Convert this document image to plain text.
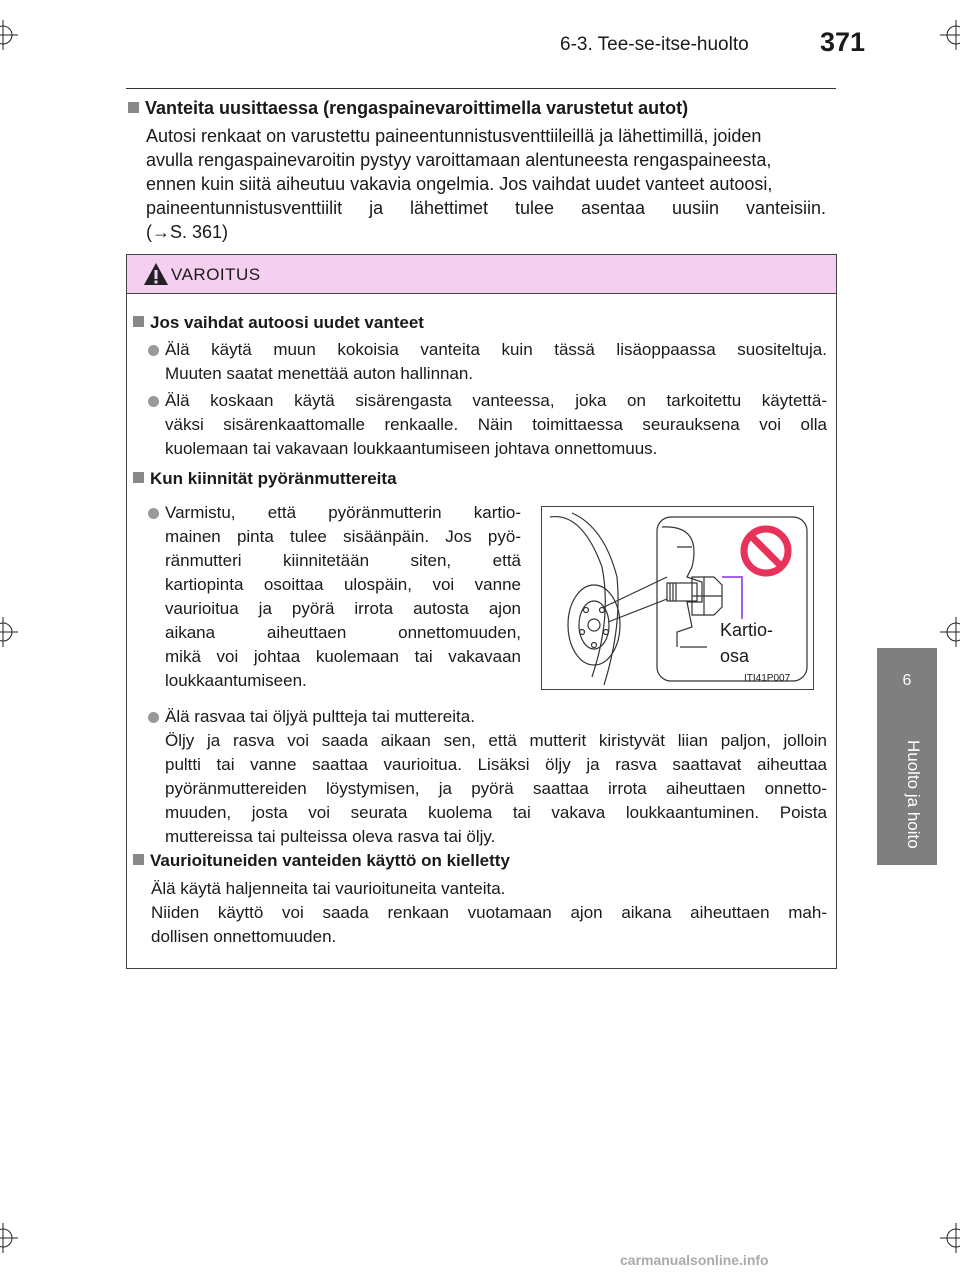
6-3. Tee-se-itse-huolto	371
6
Huolto ja hoito
Vanteita uusittaessa (rengaspainevaroittimella varustetut autot)
Autosi renkaat on varustettu paineentunnistusventtiileillä ja lähettimillä, joiden
avulla rengaspainevaroitin pystyy varoittamaan alentuneesta rengaspaineesta,
ennen kuin siitä aiheutuu vakavia ongelmia. Jos vaihdat uudet vanteet autoosi,
paineentunnistusventtiilit ja lähettimet tulee asentaa uusiin vanteisiin.
(→S. 361)
VAROITUS
Jos vaihdat autoosi uudet vanteet
Älä käytä muun kokoisia vanteita kuin tässä lisäoppaassa suositeltuja.
Muuten saatat menettää auton hallinnan.
Älä koskaan käytä sisärengasta vanteessa, joka on tarkoitettu käytettä-
väksi sisärenkaattomalle renkaalle. Näin toimittaessa seurauksena voi olla
kuolemaan tai vakavaan loukkaantumiseen johtava onnettomuus.
Kun kiinnität pyöränmuttereita
Varmistu, että pyöränmutterin kartio-
mainen pinta tulee sisäänpäin. Jos pyö-
ränmutteri kiinnitetään siten, että
kartiopinta osoittaa ulospäin, voi vanne
vaurioitua ja pyörä irrota autosta ajon
aikana aiheuttaen onnettomuuden,
mikä voi johtaa kuolemaan tai vakavaan
loukkaantumiseen.
Älä rasvaa tai öljyä pultteja tai muttereita.
Öljy ja rasva voi saada aikaan sen, että mutterit kiristyvät liian paljon, jolloin
pultti tai vanne saattaa vaurioitua. Lisäksi öljy ja rasva saattavat aiheuttaa
pyöränmuttereiden löystymisen, ja pyörä saattaa irrota aiheuttaen onnetto-
muuden, josta voi seurata kuolema tai vakava loukkaantuminen. Poista
muttereissa tai pulteissa oleva rasva tai öljy.
Vaurioituneiden vanteiden käyttö on kielletty
Älä käytä haljenneita tai vaurioituneita vanteita.
Niiden käyttö voi saada renkaan vuotamaan ajon aikana aiheuttaen mah-
dollisen onnettomuuden.
Kartio-
osa
ITI41P007
carmanualsonline.info
